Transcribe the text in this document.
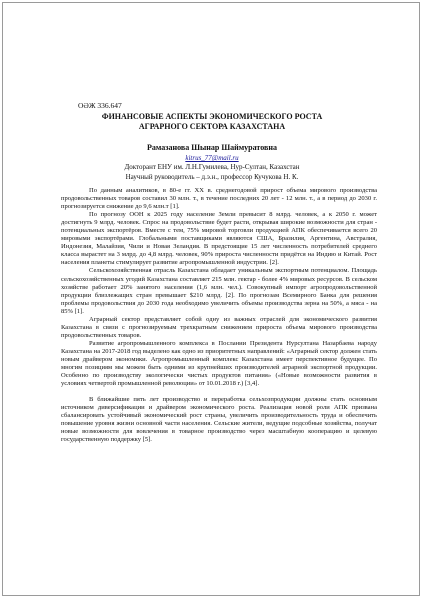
ОӘЖ 336.647
ФИНАНСОВЫЕ АСПЕКТЫ ЭКОНОМИЧЕСКОГО РОСТА
АГРАРНОГО СЕКТОРА КАЗАХСТАНА
Рамазанова Шынар Шаймуратовна
kitrus_77@mail.ru
Докторант ЕНУ им. Л.Н.Гумилева, Нур-Султан, Казахстан
Научный руководитель – д.э.н., профессор Кучукова Н. К.

По данным аналитиков, в 80-е гг. XX в. среднегодовой прирост объема мирового производства продовольственных товаров составил 30 млн. т., в течение последних 20 лет - 12 млн. т., а в период до 2030 г. прогнозируется снижение до 9,6 млн.т [1].

По прогнозу ООН к 2025 году население Земли превысит 8 млрд. человек, а к 2050 г. может достигнуть 9 млрд. человек. Спрос на продовольствие будет расти, открывая широкие возможности для стран - потенциальных экспортёров. Вместе с тем, 75% мировой торговли продукцией АПК обеспечивается всего 20 мировыми экспортёрами. Глобальными поставщиками являются США, Бразилия, Аргентина, Австралия, Индонезия, Малайзия, Чили и Новая Зеландия. В предстоящие 15 лет численность потребителей среднего класса вырастет на 3 млрд. до 4,8 млрд. человек, 90% прироста численности придётся на Индию и Китай. Рост населения планеты стимулирует развитие агропромышленной индустрии. [2].

Сельскохозяйственная отрасль Казахстана обладает уникальным экспортным потенциалом. Площадь сельскохозяйственных угодий Казахстана составляет 215 млн. гектар - более 4% мировых ресурсов. В сельском хозяйстве работает 20% занятого населения (1,6 млн. чел.). Совокупный импорт агропродовольственной продукции близлежащих стран превышает $210 млрд. [2]. По прогнозам Всемирного Банка для решения проблемы продовольствия до 2030 года необходимо увеличить объемы производства зерна на 50%, а мяса - на 85% [1].

Аграрный сектор представляет собой одну из важных отраслей для экономического развития Казахстана в связи с прогнозируемым трехкратным снижением прироста объема мирового производства продовольственных товаров.

Развитие агропромышленного комплекса в Послании Президента Нурсултана Назарбаева народу Казахстана на 2017-2018 год выделено как одно из приоритетных направлений: «Аграрный сектор должен стать новым драйвером экономики. Агропромышленный комплекс Казахстана имеет перспективное будущее. По многим позициям мы можем быть одними из крупнейших производителей аграрной экспортной продукции. Особенно по производству экологически чистых продуктов питания» («Новые возможности развития в условиях четвертой промышленной революции» от 10.01.2018 г.) [3,4].

В ближайшие пять лет производство и переработка сельхозпродукции должны стать основным источником диверсификации и драйвером экономического роста. Реализация новой роли АПК призвана сбалансировать устойчивый экономический рост страны, увеличить производительность труда и обеспечить повышение уровня жизни основной части населения. Сельские жители, ведущие подсобные хозяйства, получат новые возможности для вовлечения в товарное производство через масштабную кооперацию и целевую государственную поддержку [5].
